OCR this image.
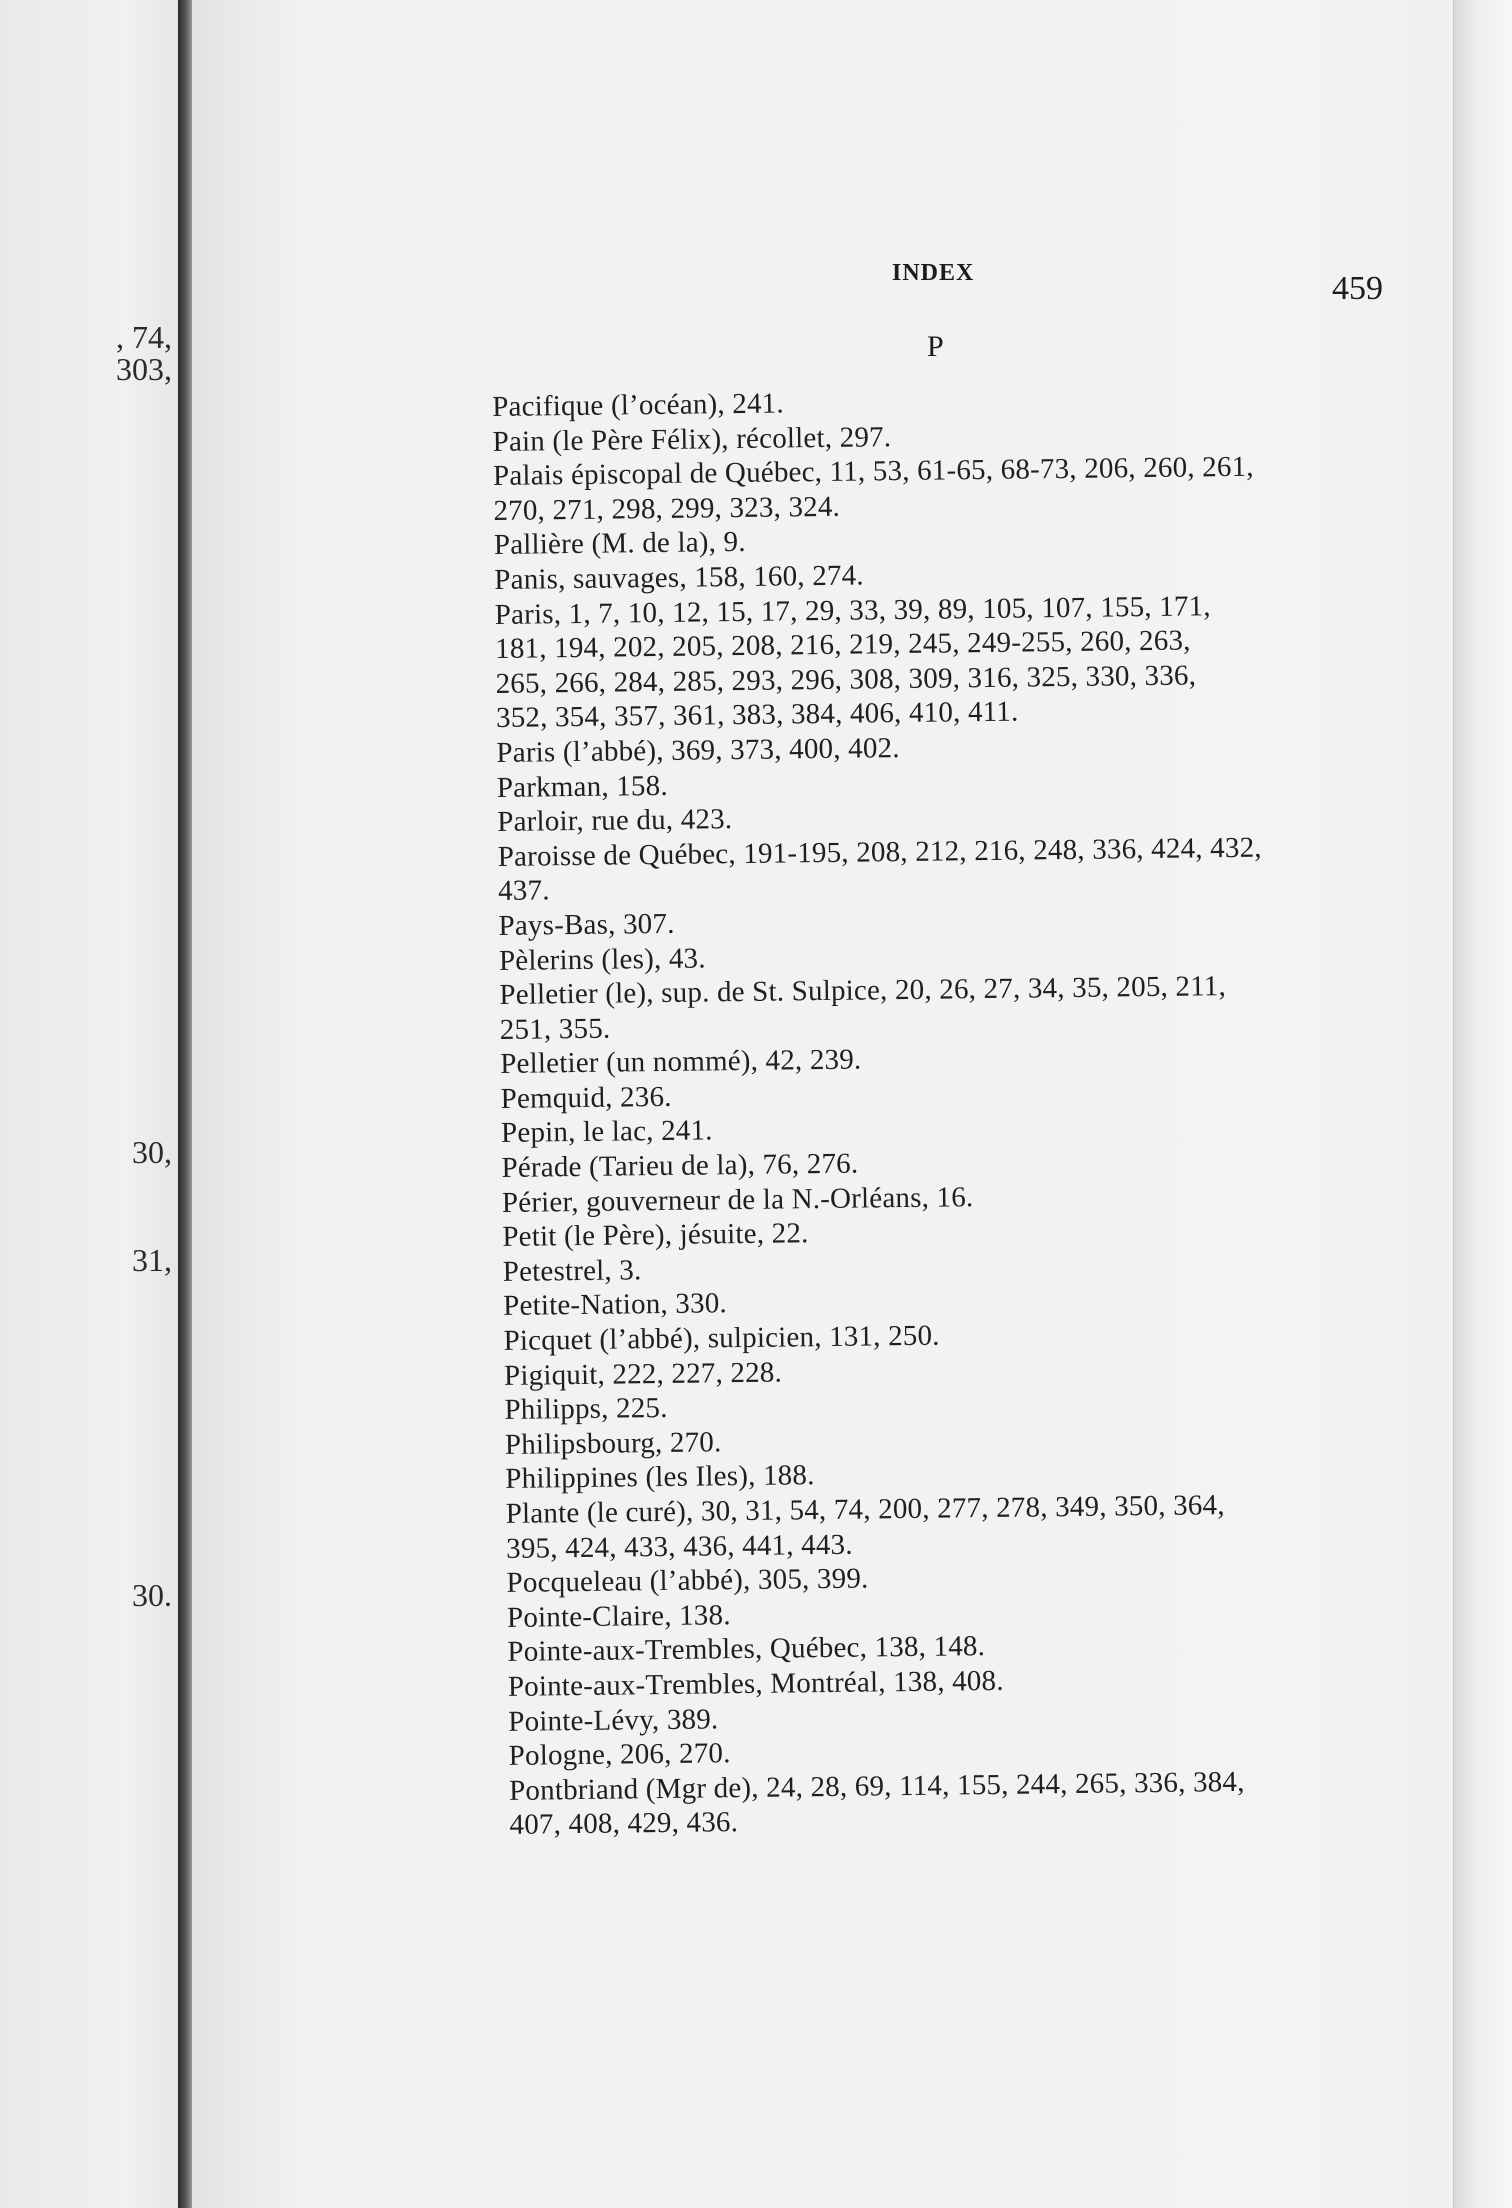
, 74,
303,
30,
31,
30.
INDEX	459
P
Pacifique (l’océan), 241.
Pain (le Père Félix), récollet, 297.
Palais épiscopal de Québec, 11, 53, 61-65, 68-73, 206, 260, 261,
270, 271, 298, 299, 323, 324.
Pallière (M. de la), 9.
Panis, sauvages, 158, 160, 274.
Paris, 1, 7, 10, 12, 15, 17, 29, 33, 39, 89, 105, 107, 155, 171,
181, 194, 202, 205, 208, 216, 219, 245, 249-255, 260, 263,
265, 266, 284, 285, 293, 296, 308, 309, 316, 325, 330, 336,
352, 354, 357, 361, 383, 384, 406, 410, 411.
Paris (l’abbé), 369, 373, 400, 402.
Parkman, 158.
Parloir, rue du, 423.
Paroisse de Québec, 191-195, 208, 212, 216, 248, 336, 424, 432,
437.
Pays-Bas, 307.
Pèlerins (les), 43.
Pelletier (le), sup. de St. Sulpice, 20, 26, 27, 34, 35, 205, 211,
251, 355.
Pelletier (un nommé), 42, 239.
Pemquid, 236.
Pepin, le lac, 241.
Pérade (Tarieu de la), 76, 276.
Périer, gouverneur de la N.-Orléans, 16.
Petit (le Père), jésuite, 22.
Petestrel, 3.
Petite-Nation, 330.
Picquet (l’abbé), sulpicien, 131, 250.
Pigiquit, 222, 227, 228.
Philipps, 225.
Philipsbourg, 270.
Philippines (les Iles), 188.
Plante (le curé), 30, 31, 54, 74, 200, 277, 278, 349, 350, 364,
395, 424, 433, 436, 441, 443.
Pocqueleau (l’abbé), 305, 399.
Pointe-Claire, 138.
Pointe-aux-Trembles, Québec, 138, 148.
Pointe-aux-Trembles, Montréal, 138, 408.
Pointe-Lévy, 389.
Pologne, 206, 270.
Pontbriand (Mgr de), 24, 28, 69, 114, 155, 244, 265, 336, 384,
407, 408, 429, 436.
